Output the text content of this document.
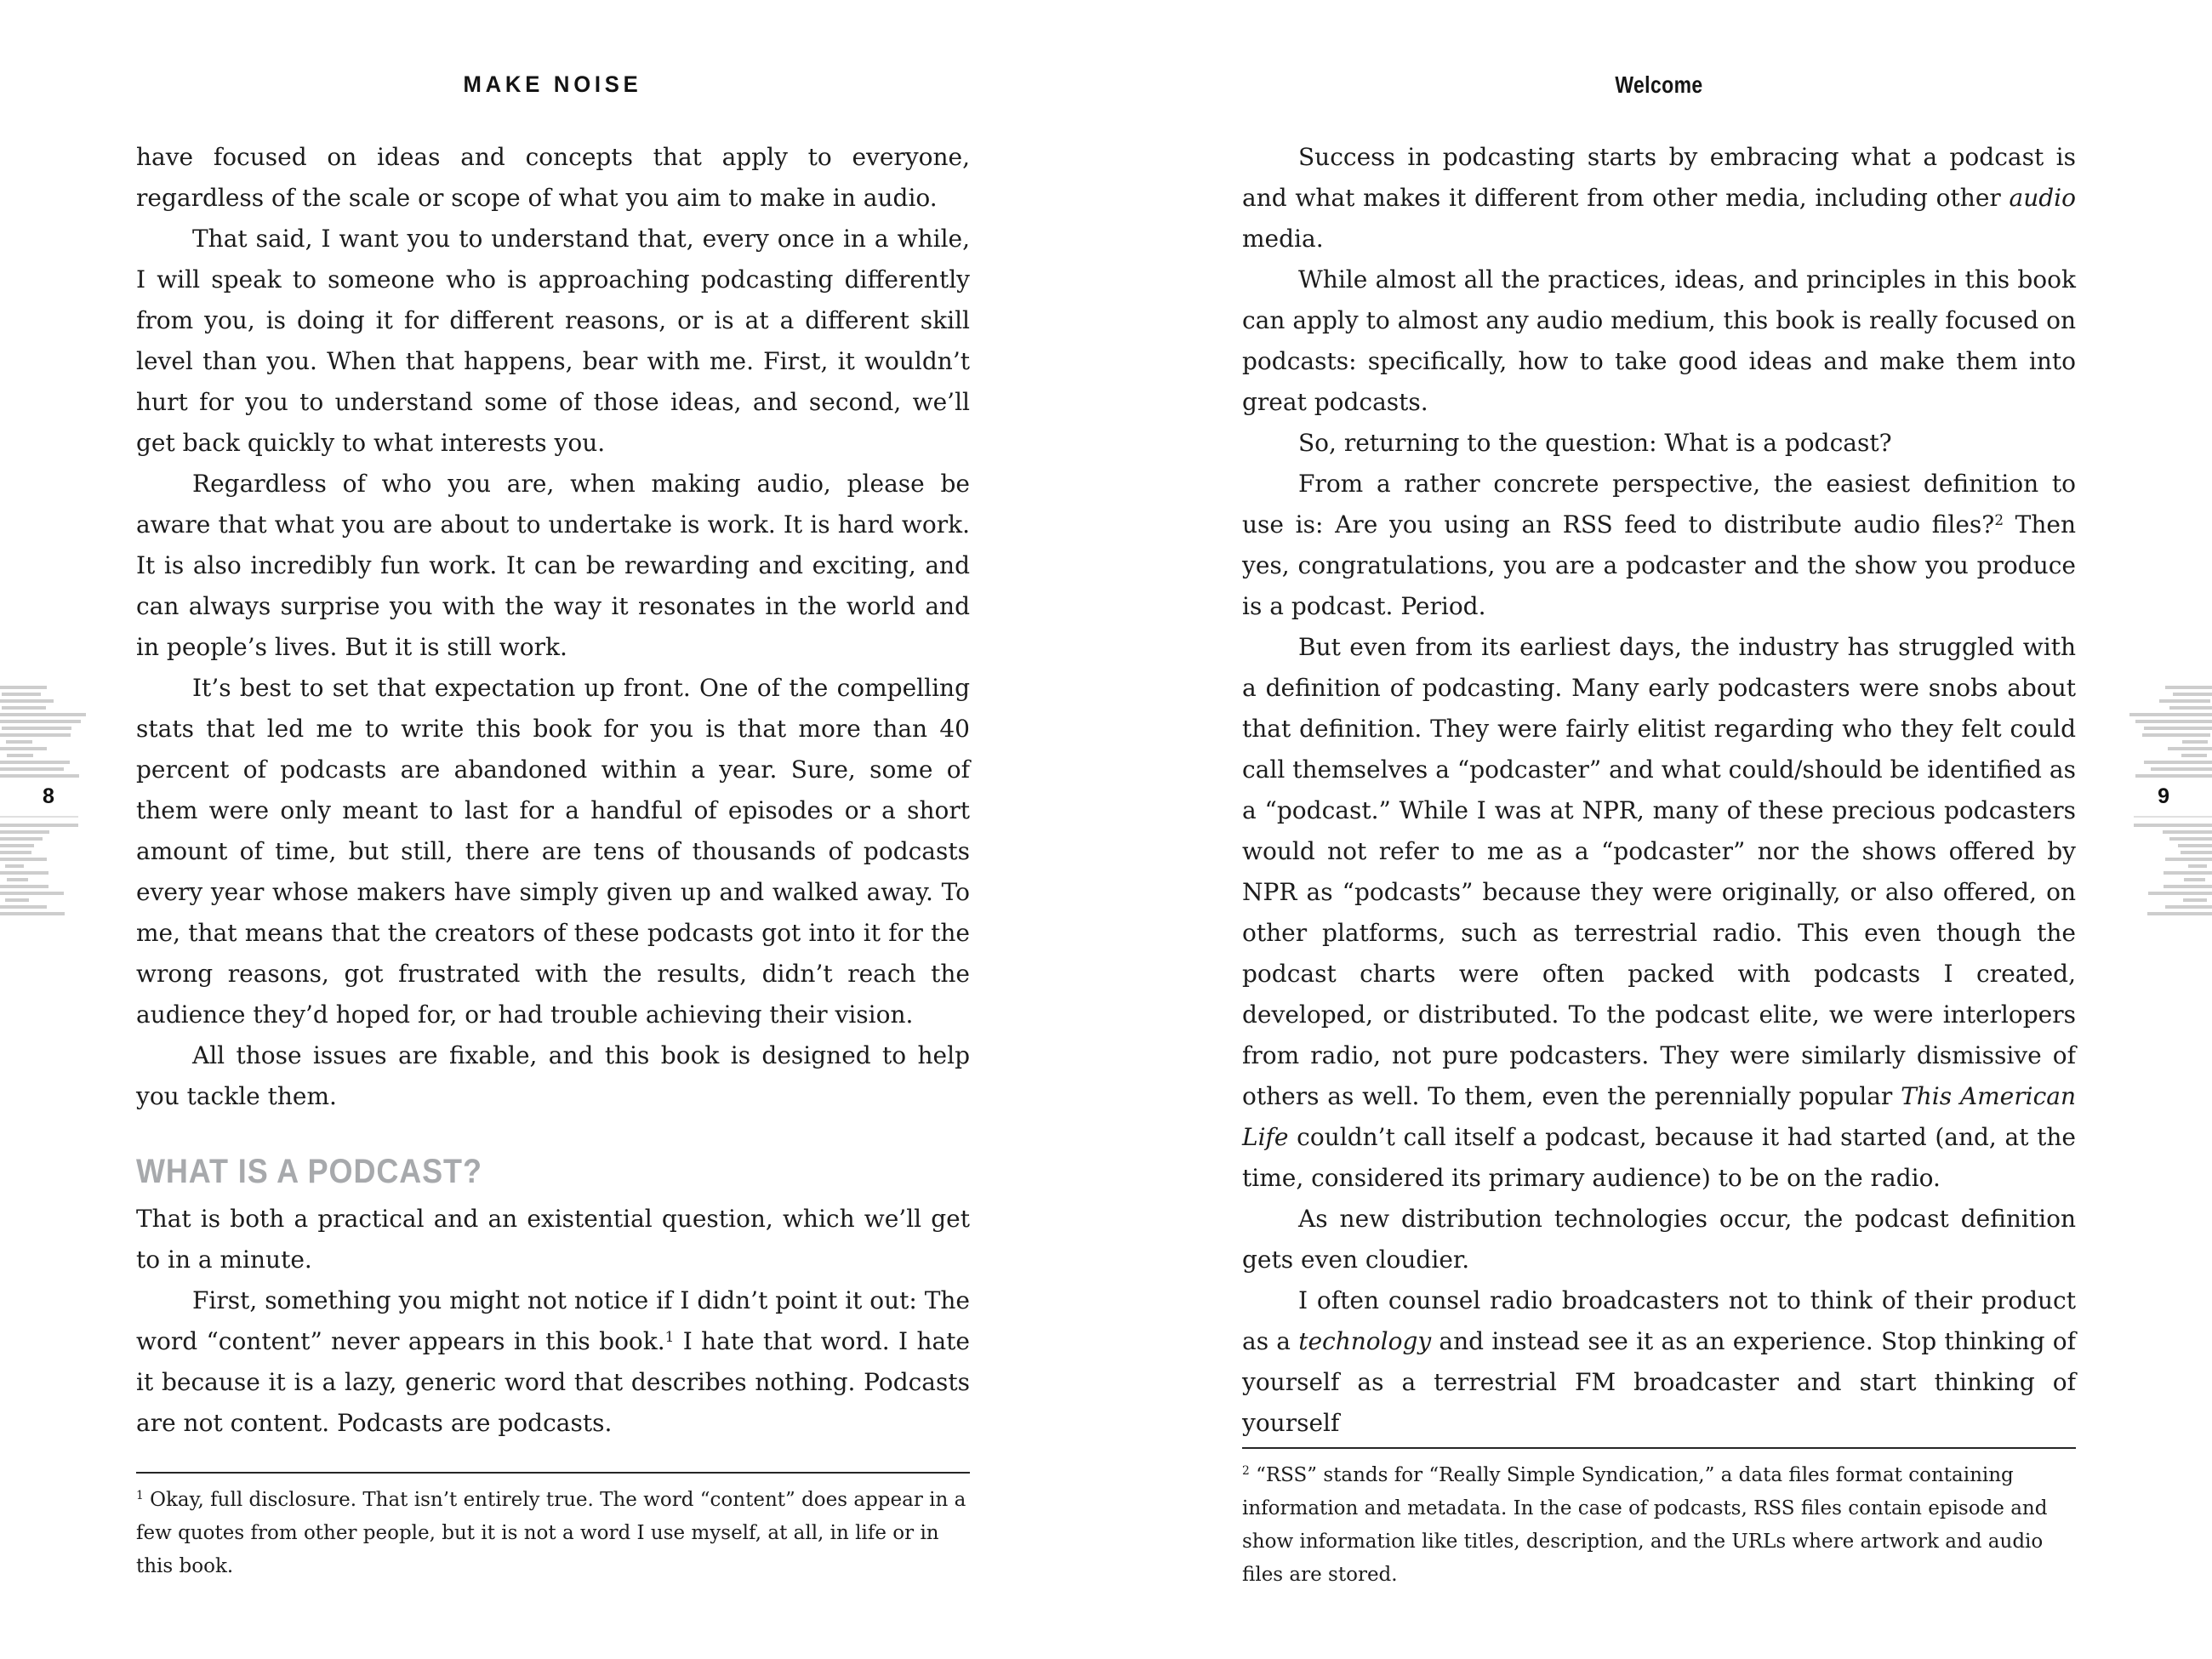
MAKE NOISE

have focused on ideas and concepts that apply to everyone, regardless of the scale or scope of what you aim to make in audio.

That said, I want you to understand that, every once in a while, I will speak to someone who is approaching podcasting differently from you, is doing it for different reasons, or is at a different skill level than you. When that happens, bear with me. First, it wouldn’t hurt for you to understand some of those ideas, and second, we’ll get back quickly to what interests you.

Regardless of who you are, when making audio, please be aware that what you are about to undertake is work. It is hard work. It is also incredibly fun work. It can be rewarding and exciting, and can always surprise you with the way it resonates in the world and in people’s lives. But it is still work.

It’s best to set that expectation up front. One of the compelling stats that led me to write this book for you is that more than 40 percent of podcasts are abandoned within a year. Sure, some of them were only meant to last for a handful of episodes or a short amount of time, but still, there are tens of thousands of podcasts every year whose makers have simply given up and walked away. To me, that means that the creators of these podcasts got into it for the wrong reasons, got frustrated with the results, didn’t reach the audience they’d hoped for, or had trouble achieving their vision.

All those issues are fixable, and this book is designed to help you tackle them.

WHAT IS A PODCAST?

That is both a practical and an existential question, which we’ll get to in a minute.

First, something you might not notice if I didn’t point it out: The word “content” never appears in this book.$^1$ I hate that word. I hate it because it is a lazy, generic word that describes nothing. Podcasts are not content. Podcasts are podcasts.

$^1$ Okay, full disclosure. That isn’t entirely true. The word “content” does appear in a few quotes from other people, but it is not a word I use myself, at all, in life or in this book.
8
Welcome

Success in podcasting starts by embracing what a podcast is and what makes it different from other media, including other audio media.

While almost all the practices, ideas, and principles in this book can apply to almost any audio medium, this book is really focused on podcasts: specifically, how to take good ideas and make them into great podcasts.

So, returning to the question: What is a podcast?

From a rather concrete perspective, the easiest definition to use is: Are you using an RSS feed to distribute audio files?$^2$ Then yes, congratulations, you are a podcaster and the show you produce is a podcast. Period.

But even from its earliest days, the industry has struggled with a definition of podcasting. Many early podcasters were snobs about that definition. They were fairly elitist regarding who they felt could call themselves a “podcaster” and what could/should be identified as a “podcast.” While I was at NPR, many of these precious podcasters would not refer to me as a “podcaster” nor the shows offered by NPR as “podcasts” because they were originally, or also offered, on other platforms, such as terrestrial radio. This even though the podcast charts were often packed with podcasts I created, developed, or distributed. To the podcast elite, we were interlopers from radio, not pure podcasters. They were similarly dismissive of others as well. To them, even the perennially popular This American Life couldn’t call itself a podcast, because it had started (and, at the time, considered its primary audience) to be on the radio.

As new distribution technologies occur, the podcast definition gets even cloudier.

I often counsel radio broadcasters not to think of their product as a technology and instead see it as an experience. Stop thinking of yourself as a terrestrial FM broadcaster and start thinking of yourself

$^2$ “RSS” stands for “Really Simple Syndication,” a data files format containing information and metadata. In the case of podcasts, RSS files contain episode and show information like titles, description, and the URLs where artwork and audio files are stored.
9
